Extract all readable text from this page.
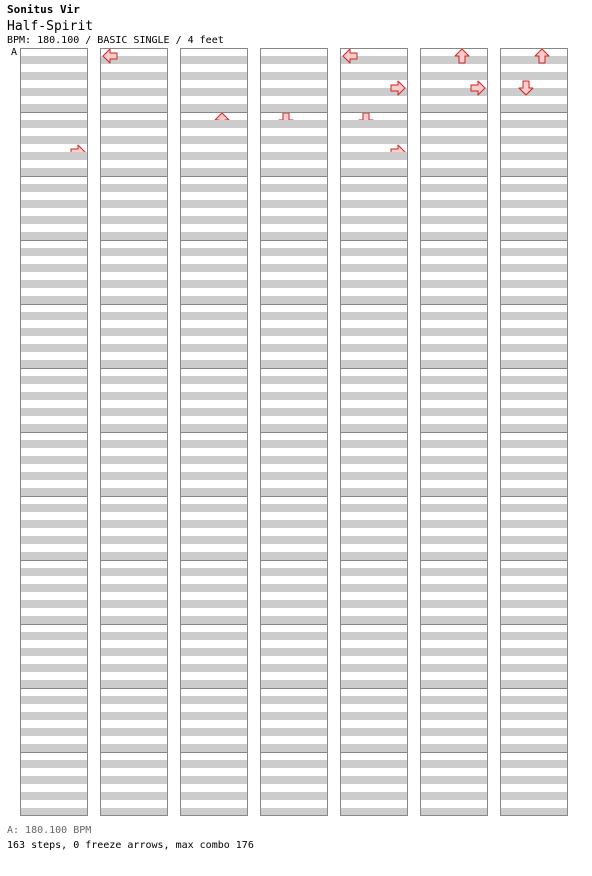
Sonitus Vir
Half-Spirit
BPM: 180.100 / BASIC SINGLE / 4 feet
A
A: 180.100 BPM
163 steps, 0 freeze arrows, max combo 176
